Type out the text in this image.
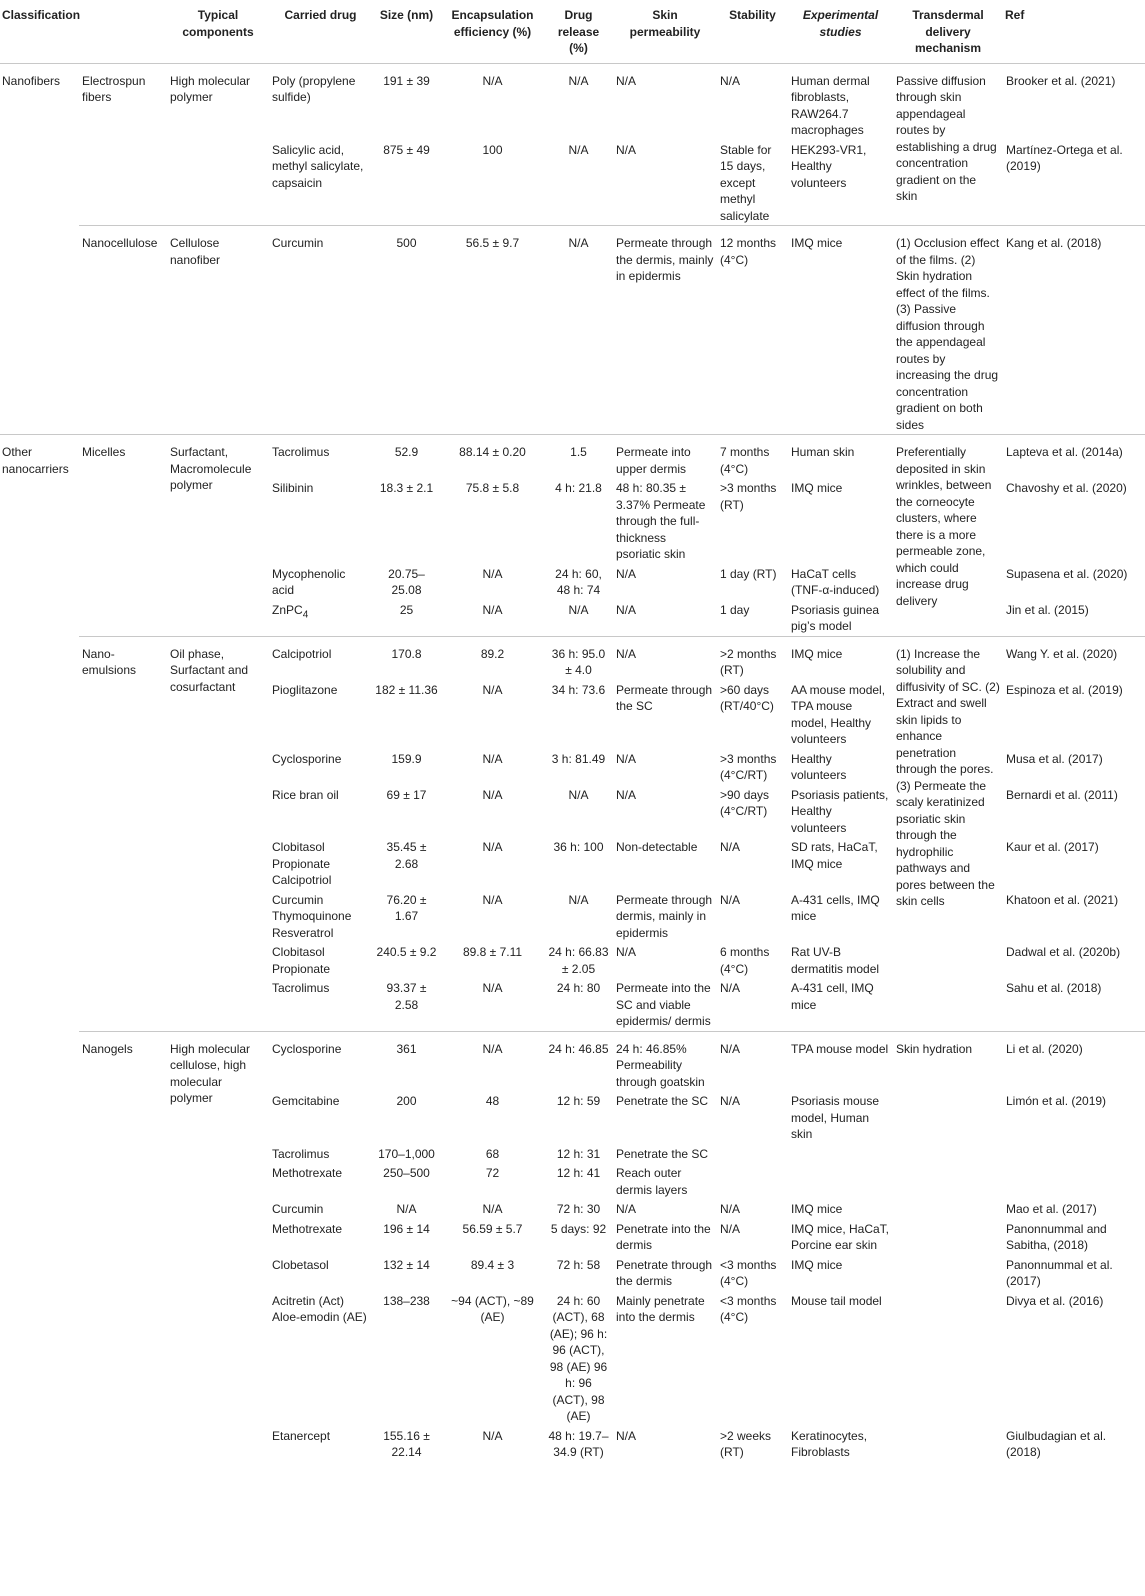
Classification		Typical components	Carried drug	Size (nm)	Encapsulation efficiency (%)	Drug release (%)	Skin permeability	Stability	Experimental studies	Transdermal delivery mechanism	Ref
Nanofibers	Electrospun fibers	High molecular polymer	Poly (propylene sulfide)	191 ± 39	N/A	N/A	N/A	N/A	Human dermal fibroblasts, RAW264.7 macrophages	Passive diffusion through skin appendageal routes by establishing a drug concentration gradient on the skin	Brooker et al. (2021)
			Salicylic acid, methyl salicylate, capsaicin	875 ± 49	100	N/A	N/A	Stable for 15 days, except methyl salicylate	HEK293-VR1, Healthy volunteers		Martínez-Ortega et al. (2019)
	Nanocellulose	Cellulose nanofiber	Curcumin	500	56.5 ± 9.7	N/A	Permeate through the dermis, mainly in epidermis	12 months (4°C)	IMQ mice	(1) Occlusion effect of the films. (2) Skin hydration effect of the films. (3) Passive diffusion through the appendageal routes by increasing the drug concentration gradient on both sides	Kang et al. (2018)
Other nanocarriers	Micelles	Surfactant, Macromolecule polymer	Tacrolimus	52.9	88.14 ± 0.20	1.5	Permeate into upper dermis	7 months (4°C)	Human skin	Preferentially deposited in skin wrinkles, between the corneocyte clusters, where there is a more permeable zone, which could increase drug delivery	Lapteva et al. (2014a)
			Silibinin	18.3 ± 2.1	75.8 ± 5.8	4 h: 21.8	48 h: 80.35 ± 3.37% Permeate through the full-thickness psoriatic skin	>3 months (RT)	IMQ mice		Chavoshy et al. (2020)
			Mycophenolic acid	20.75–25.08	N/A	24 h: 60, 48 h: 74	N/A	1 day (RT)	HaCaT cells (TNF-α-induced)		Supasena et al. (2020)
			ZnPC$_4$	25	N/A	N/A	N/A	1 day	Psoriasis guinea pig’s model		Jin et al. (2015)
	Nano-emulsions	Oil phase, Surfactant and cosurfactant	Calcipotriol	170.8	89.2	36 h: 95.0 ± 4.0	N/A	>2 months (RT)	IMQ mice	(1) Increase the solubility and diffusivity of SC. (2) Extract and swell skin lipids to enhance penetration through the pores. (3) Permeate the scaly keratinized psoriatic skin through the hydrophilic pathways and pores between the skin cells	Wang Y. et al. (2020)
			Pioglitazone	182 ± 11.36	N/A	34 h: 73.6	Permeate through the SC	>60 days (RT/40°C)	AA mouse model, TPA mouse model, Healthy volunteers		Espinoza et al. (2019)
			Cyclosporine	159.9	N/A	3 h: 81.49	N/A	>3 months (4°C/RT)	Healthy volunteers		Musa et al. (2017)
			Rice bran oil	69 ± 17	N/A	N/A	N/A	>90 days (4°C/RT)	Psoriasis patients, Healthy volunteers		Bernardi et al. (2011)
			Clobitasol Propionate Calcipotriol	35.45 ± 2.68	N/A	36 h: 100	Non-detectable	N/A	SD rats, HaCaT, IMQ mice		Kaur et al. (2017)
			Curcumin Thymoquinone Resveratrol	76.20 ± 1.67	N/A	N/A	Permeate through dermis, mainly in epidermis	N/A	A-431 cells, IMQ mice		Khatoon et al. (2021)
			Clobitasol Propionate	240.5 ± 9.2	89.8 ± 7.11	24 h: 66.83 ± 2.05	N/A	6 months (4°C)	Rat UV-B dermatitis model		Dadwal et al. (2020b)
			Tacrolimus	93.37 ± 2.58	N/A	24 h: 80	Permeate into the SC and viable epidermis/ dermis	N/A	A-431 cell, IMQ mice		Sahu et al. (2018)
	Nanogels	High molecular cellulose, high molecular polymer	Cyclosporine	361	N/A	24 h: 46.85	24 h: 46.85% Permeability through goatskin	N/A	TPA mouse model	Skin hydration	Li et al. (2020)
			Gemcitabine	200	48	12 h: 59	Penetrate the SC	N/A	Psoriasis mouse model, Human skin		Limón et al. (2019)
			Tacrolimus	170–1,000	68	12 h: 31	Penetrate the SC				
			Methotrexate	250–500	72	12 h: 41	Reach outer dermis layers				
			Curcumin	N/A	N/A	72 h: 30	N/A	N/A	IMQ mice		Mao et al. (2017)
			Methotrexate	196 ± 14	56.59 ± 5.7	5 days: 92	Penetrate into the dermis	N/A	IMQ mice, HaCaT, Porcine ear skin		Panonnummal and Sabitha, (2018)
			Clobetasol	132 ± 14	89.4 ± 3	72 h: 58	Penetrate through the dermis	<3 months (4°C)	IMQ mice		Panonnummal et al. (2017)
			Acitretin (Act) Aloe-emodin (AE)	138–238	~94 (ACT), ~89 (AE)	24 h: 60 (ACT), 68 (AE); 96 h: 96 (ACT), 98 (AE) 96 h: 96 (ACT), 98 (AE)	Mainly penetrate into the dermis	<3 months (4°C)	Mouse tail model		Divya et al. (2016)
			Etanercept	155.16 ± 22.14	N/A	48 h: 19.7–34.9 (RT)	N/A	>2 weeks (RT)	Keratinocytes, Fibroblasts		Giulbudagian et al. (2018)
